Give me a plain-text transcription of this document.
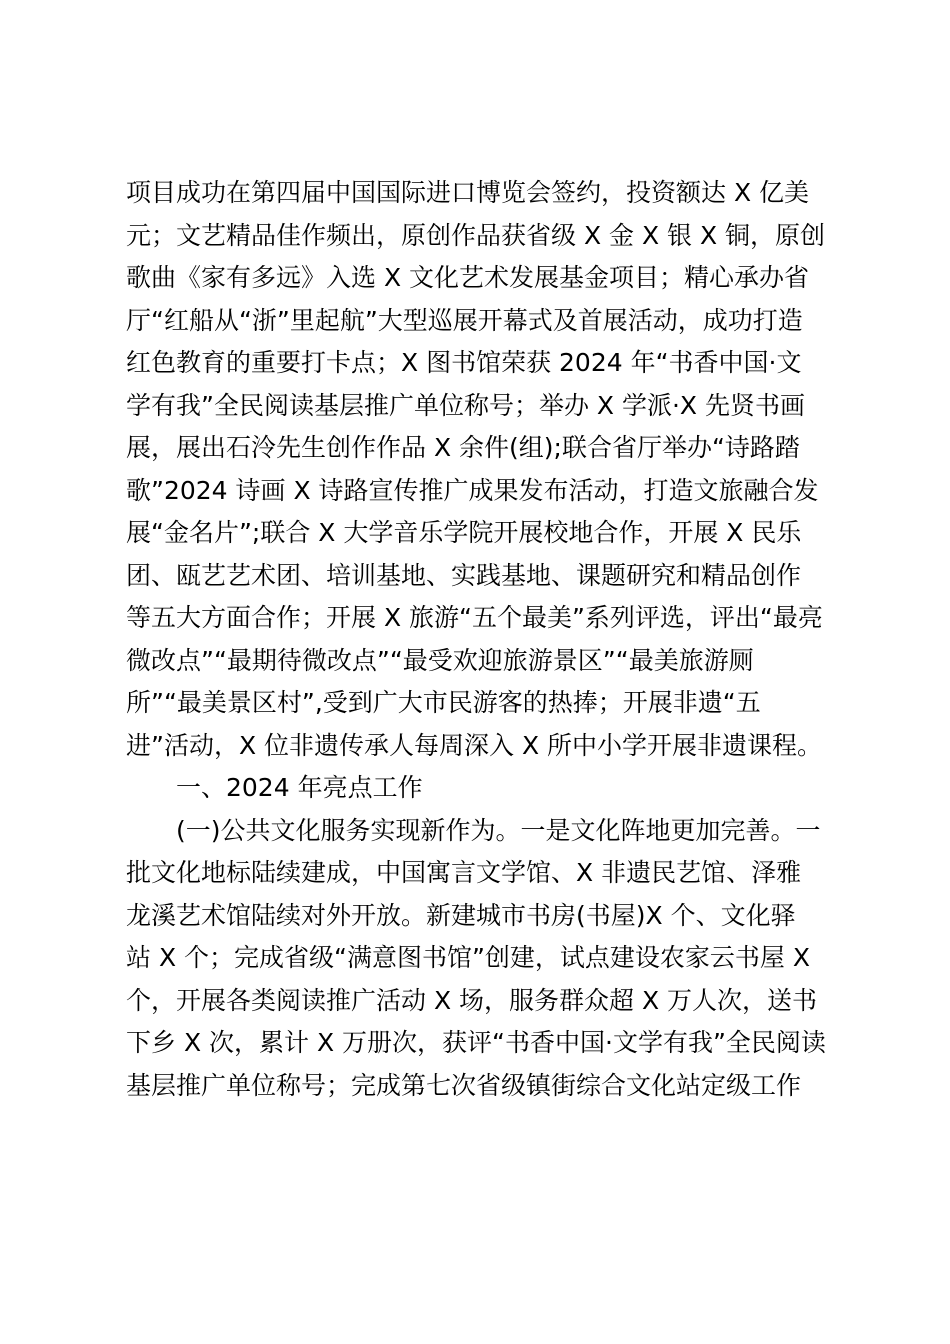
项目成功在第四届中国国际进口博览会签约，投资额达 X 亿美
元；文艺精品佳作频出，原创作品获省级 X 金 X 银 X 铜，原创
歌曲《家有多远》入选 X 文化艺术发展基金项目；精心承办省
厅“红船从“浙”里起航”大型巡展开幕式及首展活动，成功打造
红色教育的重要打卡点；X 图书馆荣获 2024 年“书香中国·文
学有我”全民阅读基层推广单位称号；举办 X 学派·X 先贤书画
展，展出石泠先生创作作品 X 余件(组);联合省厅举办“诗路踏
歌”2024 诗画 X 诗路宣传推广成果发布活动，打造文旅融合发
展“金名片”;联合 X 大学音乐学院开展校地合作，开展 X 民乐
团、瓯艺艺术团、培训基地、实践基地、课题研究和精品创作
等五大方面合作；开展 X 旅游“五个最美”系列评选，评出“最亮
微改点”“最期待微改点”“最受欢迎旅游景区”“最美旅游厕
所”“最美景区村”,受到广大市民游客的热捧；开展非遗“五
进”活动，X 位非遗传承人每周深入 X 所中小学开展非遗课程。
一、2024 年亮点工作
(一)公共文化服务实现新作为。一是文化阵地更加完善。一
批文化地标陆续建成，中国寓言文学馆、X 非遗民艺馆、泽雅
龙溪艺术馆陆续对外开放。新建城市书房(书屋)X 个、文化驿
站 X 个；完成省级“满意图书馆”创建，试点建设农家云书屋 X
个，开展各类阅读推广活动 X 场，服务群众超 X 万人次，送书
下乡 X 次，累计 X 万册次，获评“书香中国·文学有我”全民阅读
基层推广单位称号；完成第七次省级镇街综合文化站定级工作
